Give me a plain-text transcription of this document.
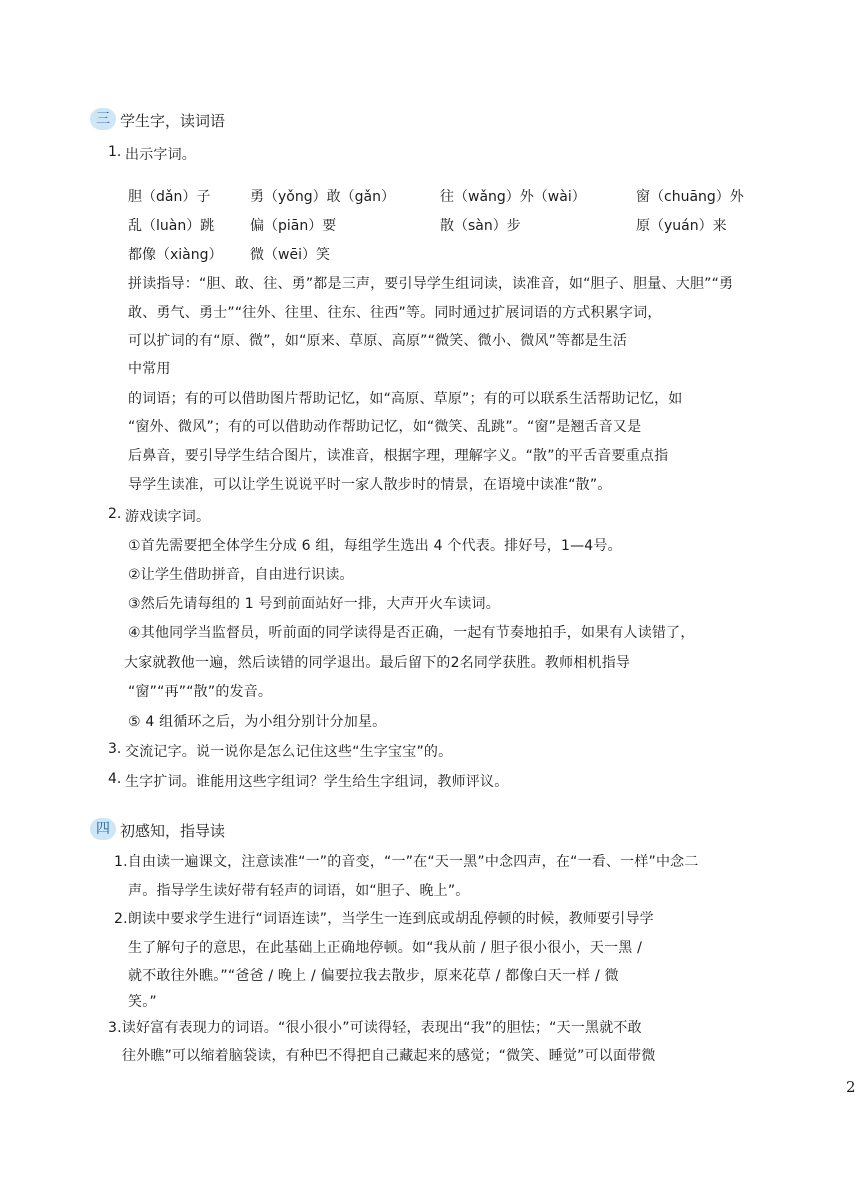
三 学生字，读词语
1. 出示字词。
胆（dǎn）子	勇（yǒng）敢（gǎn）	往（wǎng）外（wài）	窗（chuāng）外
乱（luàn）跳	偏（piān）要	散（sàn）步	原（yuán）来
都像（xiàng） 微（wēi）笑
拼读指导：“胆、敢、往、勇”都是三声，要引导学生组词读，读准音，如“胆子、胆量、大胆”“勇
敢、勇气、勇士”“往外、往里、往东、往西”等。同时通过扩展词语的方式积累字词，
可以扩词的有“原、微”，如“原来、草原、高原”“微笑、微小、微风”等都是生活
中常用
的词语；有的可以借助图片帮助记忆，如“高原、草原”；有的可以联系生活帮助记忆，如
“窗外、微风”；有的可以借助动作帮助记忆，如“微笑、乱跳”。“窗”是翘舌音又是
后鼻音，要引导学生结合图片，读准音，根据字理，理解字义。“散”的平舌音要重点指
导学生读准，可以让学生说说平时一家人散步时的情景，在语境中读准“散”。
2. 游戏读字词。
①首先需要把全体学生分成 6 组，每组学生选出 4 个代表。排好号，1—4号。
②让学生借助拼音，自由进行识读。
③然后先请每组的 1 号到前面站好一排，大声开火车读词。
④其他同学当监督员，听前面的同学读得是否正确，一起有节奏地拍手，如果有人读错了，
大家就教他一遍，然后读错的同学退出。最后留下的2名同学获胜。教师相机指导
“窗”“再”“散”的发音。
⑤ 4 组循环之后，为小组分别计分加星。
3. 交流记字。说一说你是怎么记住这些“生字宝宝”的。
4. 生字扩词。谁能用这些字组词？学生给生字组词，教师评议。
四 初感知，指导读
1.自由读一遍课文，注意读准“一”的音变，“一”在“天一黑”中念四声，在“一看、一样”中念二
声。指导学生读好带有轻声的词语，如“胆子、晚上”。
2.朗读中要求学生进行“词语连读”，当学生一连到底或胡乱停顿的时候，教师要引导学
生了解句子的意思，在此基础上正确地停顿。如“我从前 / 胆子很小很小，天一黑 /
就不敢往外瞧。”“爸爸 / 晚上 / 偏要拉我去散步，原来花草 / 都像白天一样 / 微
笑。”
3.读好富有表现力的词语。“很小很小”可读得轻，表现出“我”的胆怯；“天一黑就不敢
往外瞧”可以缩着脑袋读，有种巴不得把自己藏起来的感觉；“微笑、睡觉”可以面带微
2
